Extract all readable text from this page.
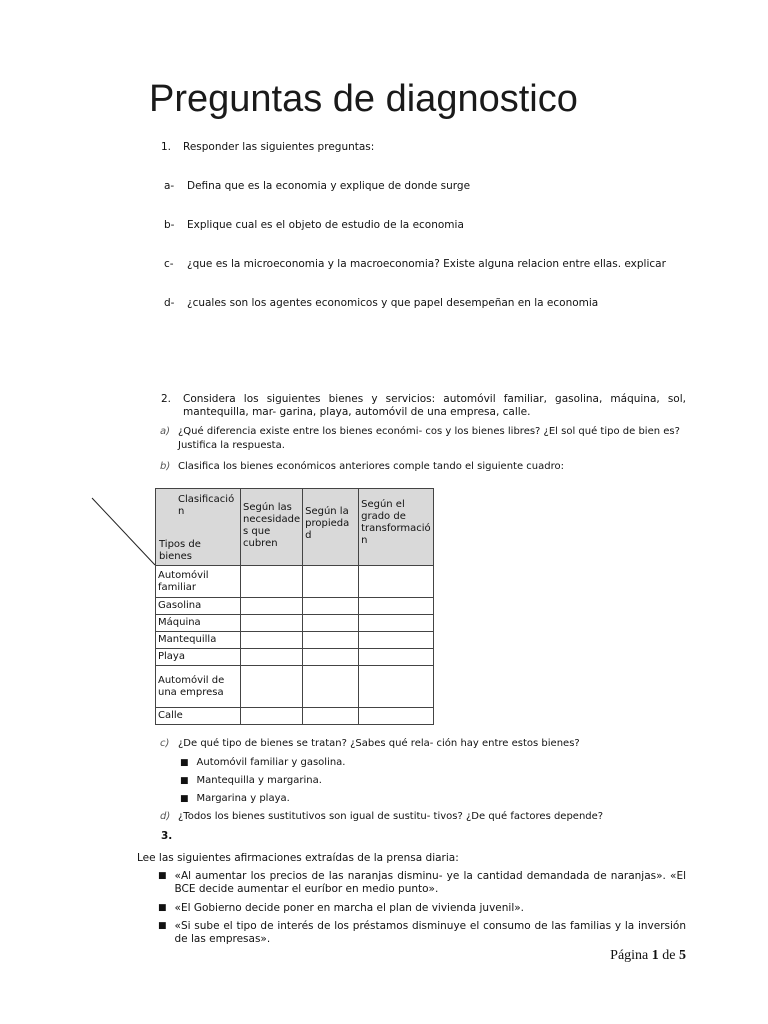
Preguntas de diagnostico
1. Responder las siguientes preguntas:
a- Defina que es la economia y explique de donde surge
b- Explique cual es el objeto de estudio de la economia
c- ¿que es la microeconomia y la macroeconomia? Existe alguna relacion entre ellas. explicar
d- ¿cuales son los agentes economicos y que papel desempeñan en la economia
2. Considera los siguientes bienes y servicios: automóvil familiar, gasolina, máquina, sol, mantequilla, mar- garina, playa, automóvil de una empresa, calle.
a) ¿Qué diferencia existe entre los bienes económi- cos y los bienes libres? ¿El sol qué tipo de bien es? Justifica la respuesta.
b) Clasifica los bienes económicos anteriores comple tando el siguiente cuadro:
Clasificació n
Tipos de bienes	Según las necesidade s que cubren	Según la propieda d	Según el grado de transformació n
Automóvil familiar			
Gasolina			
Máquina			
Mantequilla			
Playa			
Automóvil de una empresa			
Calle			
c) ¿De qué tipo de bienes se tratan? ¿Sabes qué rela- ción hay entre estos bienes?
■ Automóvil familiar y gasolina.
■ Mantequilla y margarina.
■ Margarina y playa.
d) ¿Todos los bienes sustitutivos son igual de sustitu- tivos? ¿De qué factores depende?
3.
Lee las siguientes afirmaciones extraídas de la prensa diaria:
■ «Al aumentar los precios de las naranjas disminu- ye la cantidad demandada de naranjas». «El BCE decide aumentar el euríbor en medio punto».
■ «El Gobierno decide poner en marcha el plan de vivienda juvenil».
■ «Si sube el tipo de interés de los préstamos disminuye el consumo de las familias y la inversión de las empresas».
Página 1 de 5
